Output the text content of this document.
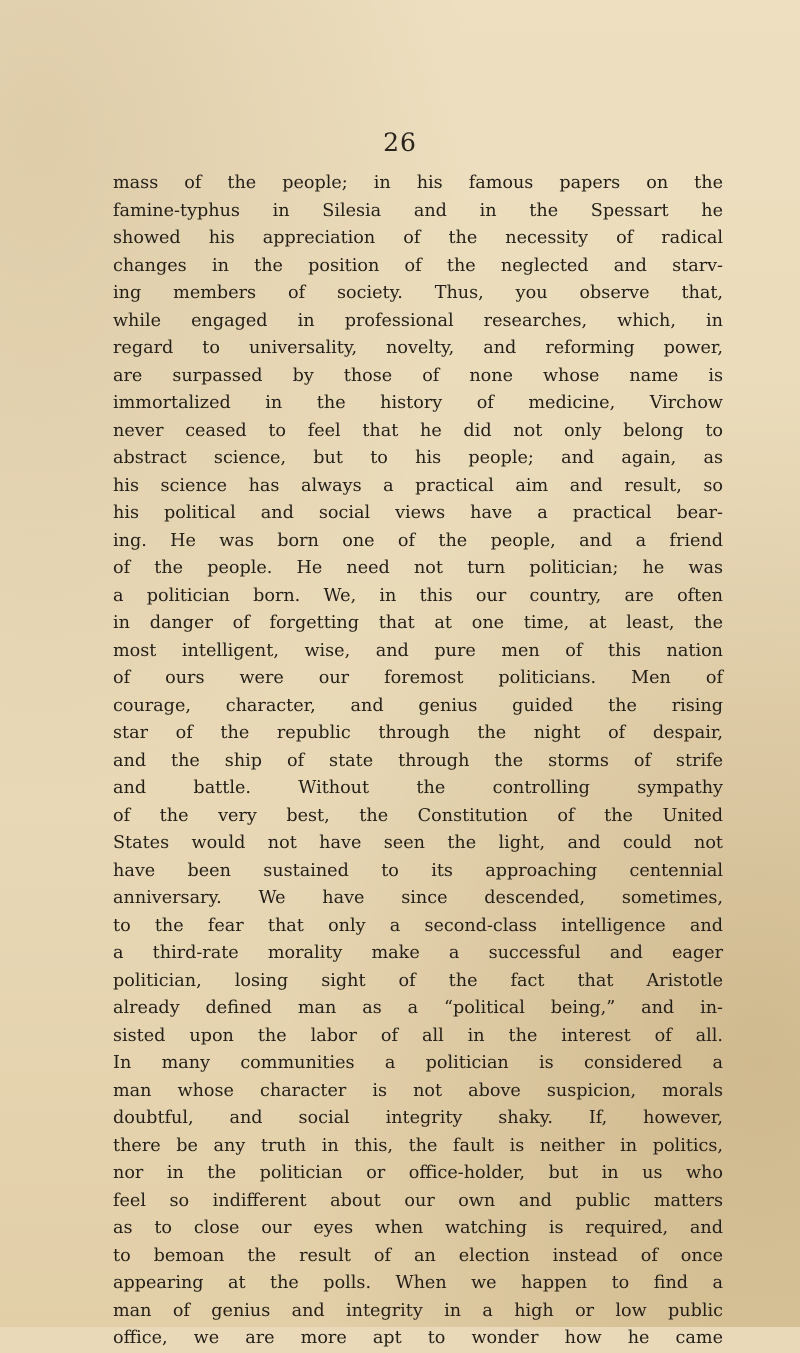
26
mass of the people; in his famous papers on the
famine-typhus in Silesia and in the Spessart he
showed his appreciation of the necessity of radical
changes in the position of the neglected and starv-
ing members of society. Thus, you observe that,
while engaged in professional researches, which, in
regard to universality, novelty, and reforming power,
are surpassed by those of none whose name is
immortalized in the history of medicine, Virchow
never ceased to feel that he did not only belong to
abstract science, but to his people; and again, as
his science has always a practical aim and result, so
his political and social views have a practical bear-
ing. He was born one of the people, and a friend
of the people. He need not turn politician; he was
a politician born. We, in this our country, are often
in danger of forgetting that at one time, at least, the
most intelligent, wise, and pure men of this nation
of ours were our foremost politicians. Men of
courage, character, and genius guided the rising
star of the republic through the night of despair,
and the ship of state through the storms of strife
and battle. Without the controlling sympathy
of the very best, the Constitution of the United
States would not have seen the light, and could not
have been sustained to its approaching centennial
anniversary. We have since descended, sometimes,
to the fear that only a second-class intelligence and
a third-rate morality make a successful and eager
politician, losing sight of the fact that Aristotle
already defined man as a “political being,” and in-
sisted upon the labor of all in the interest of all.
In many communities a politician is considered a
man whose character is not above suspicion, morals
doubtful, and social integrity shaky. If, however,
there be any truth in this, the fault is neither in politics,
nor in the politician or office-holder, but in us who
feel so indifferent about our own and public matters
as to close our eyes when watching is required, and
to bemoan the result of an election instead of once
appearing at the polls. When we happen to find a
man of genius and integrity in a high or low public
office, we are more apt to wonder how he came
